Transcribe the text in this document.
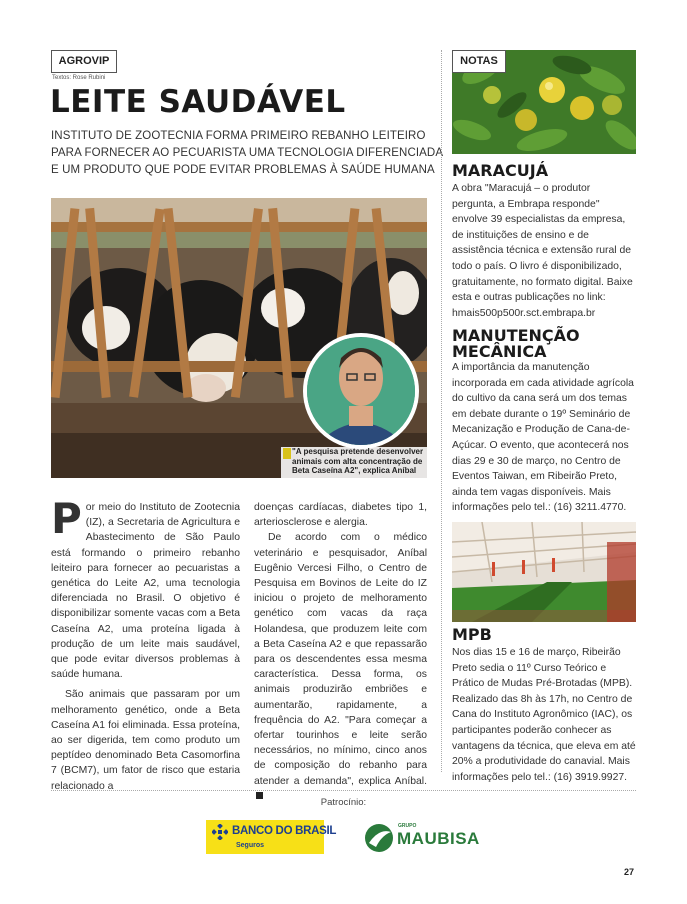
AGROVIP
Textos: Rose Rubini
LEITE SAUDÁVEL
INSTITUTO DE ZOOTECNIA FORMA PRIMEIRO REBANHO LEITEIRO
PARA FORNECER AO PECUARISTA UMA TECNOLOGIA DIFERENCIADA
E UM PRODUTO QUE PODE EVITAR PROBLEMAS À SAÚDE HUMANA
"A pesquisa pretende desenvolver animais com alta concentração de Beta Caseína A2", explica Aníbal

Por meio do Instituto de Zootecnia (IZ), a Secretaria de Agricultura e Abastecimento de São Paulo está formando o primeiro rebanho leiteiro para fornecer ao pecuaristas a genética do Leite A2, uma tecnologia diferenciada no Brasil. O objetivo é disponibilizar somente vacas com a Beta Caseína A2, uma proteína ligada à produção de um leite mais saudável, que pode evitar diversos problemas à saúde humana.

São animais que passaram por um melhoramento genético, onde a Beta Caseína A1 foi eliminada. Essa proteína, ao ser digerida, tem como produto um peptídeo denominado Beta Casomorfina 7 (BCM7), um fator de risco que estaria relacionado a

doenças cardíacas, diabetes tipo 1, arteriosclerose e alergia.

De acordo com o médico veterinário e pesquisador, Aníbal Eugênio Vercesi Filho, o Centro de Pesquisa em Bovinos de Leite do IZ iniciou o projeto de melhoramento genético com vacas da raça Holandesa, que produzem leite com a Beta Caseína A2 e que repassarão para os descendentes essa mesma característica. Dessa forma, os animais produzirão embriões e aumentarão, rapidamente, a frequência do A2. "Para começar a ofertar tourinhos e leite serão necessários, no mínimo, cinco anos de composição do rebanho para atender a demanda", explica Aníbal.

NOTAS
MARACUJÁ
A obra "Maracujá – o produtor pergunta, a Embrapa responde" envolve 39 especialistas da empresa, de instituições de ensino e de assistência técnica e extensão rural de todo o país. O livro é disponibilizado, gratuitamente, no formato digital. Baixe esta e outras publicações no link: hmais500p500r.sct.embrapa.br
MANUTENÇÃO
MECÂNICA
A importância da manutenção incorporada em cada atividade agrícola do cultivo da cana será um dos temas em debate durante o 19º Seminário de Mecanização e Produção de Cana-de-Açúcar. O evento, que acontecerá nos dias 29 e 30 de março, no Centro de Eventos Taiwan, em Ribeirão Preto, ainda tem vagas disponíveis. Mais informações pelo tel.: (16) 3211.4770.
MPB
Nos dias 15 e 16 de março, Ribeirão Preto sedia o 11º Curso Teórico e Prático de Mudas Pré-Brotadas (MPB). Realizado das 8h às 17h, no Centro de Cana do Instituto Agronômico (IAC), os participantes poderão conhecer as vantagens da técnica, que eleva em até 20% a produtividade do canavial. Mais informações pelo tel.: (16) 3919.9927.
Patrocínio:
BANCO DO BRASIL
Seguros
GRUPO
MAUBISA
27
